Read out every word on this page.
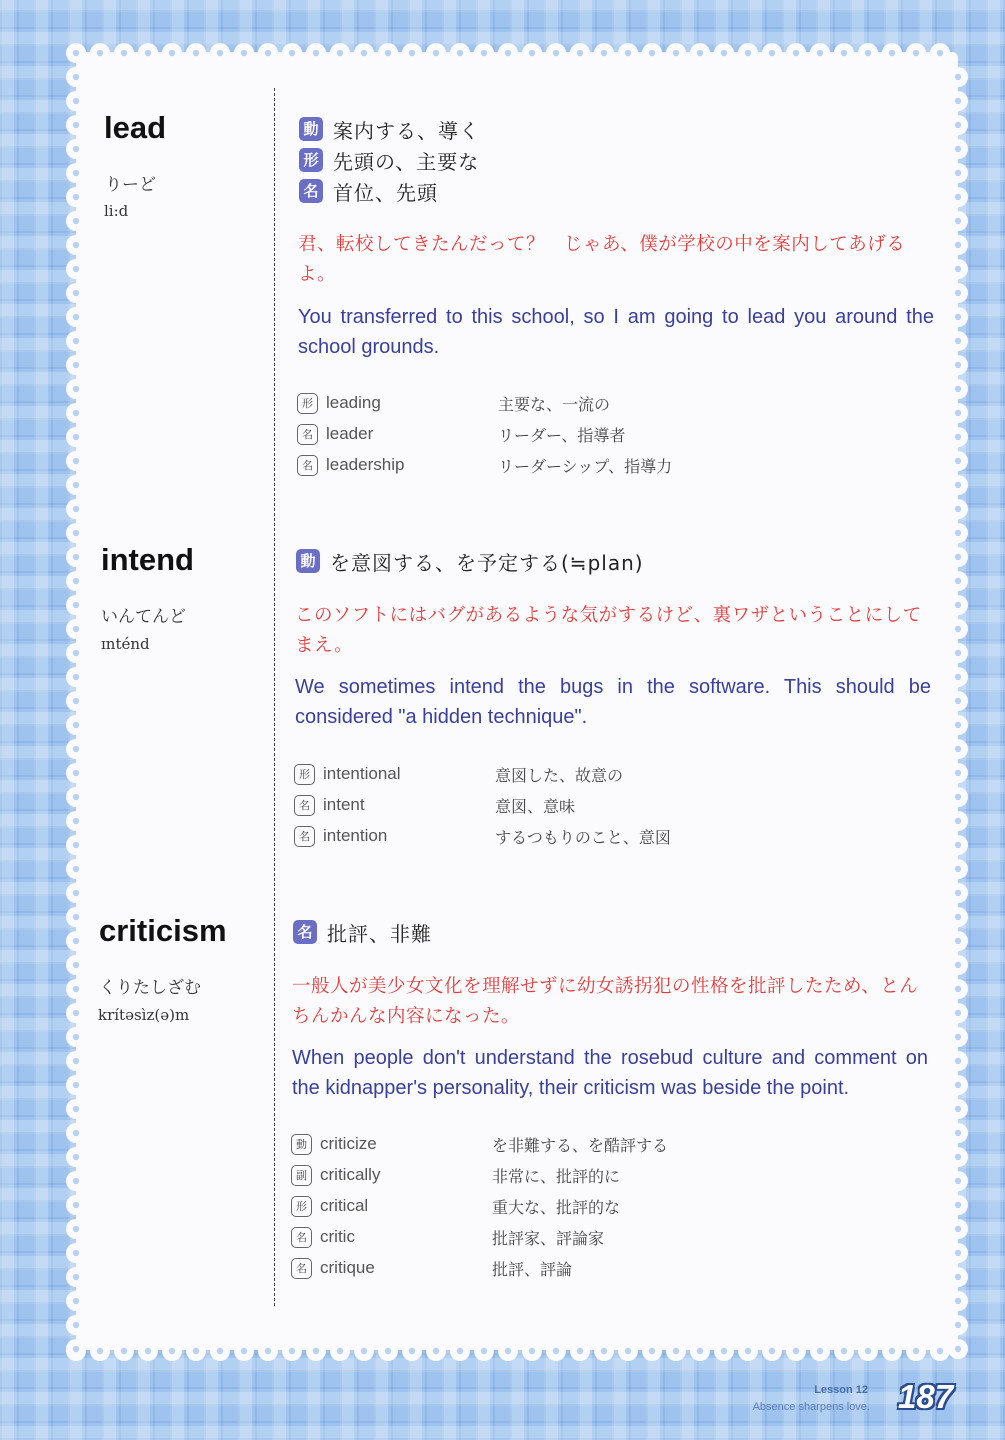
lead
りーど
li:d
動 案内する、導く
形 先頭の、主要な
名 首位、先頭
君、転校してきたんだって？　じゃあ、僕が学校の中を案内してあげるよ。
You transferred to this school, so I am going to lead you around the school grounds.
形 leading	主要な、一流の
名 leader	リーダー、指導者
名 leadership	リーダーシップ、指導力
intend
いんてんど
ɪnténd
動 を意図する、を予定する(≒plan)
このソフトにはバグがあるような気がするけど、裏ワザということにしてまえ。
We sometimes intend the bugs in the software. This should be considered "a hidden technique".
形 intentional	意図した、故意の
名 intent	意図、意味
名 intention	するつもりのこと、意図
criticism
くりたしざむ
krítəsìz(ə)m
名 批評、非難
一般人が美少女文化を理解せずに幼女誘拐犯の性格を批評したため、とんちんかんな内容になった。
When people don't understand the rosebud culture and comment on the kidnapper's personality, their criticism was beside the point.
動 criticize	を非難する、を酷評する
副 critically	非常に、批評的に
形 critical	重大な、批評的な
名 critic	批評家、評論家
名 critique	批評、評論
Lesson 12
Absence sharpens love. 187
